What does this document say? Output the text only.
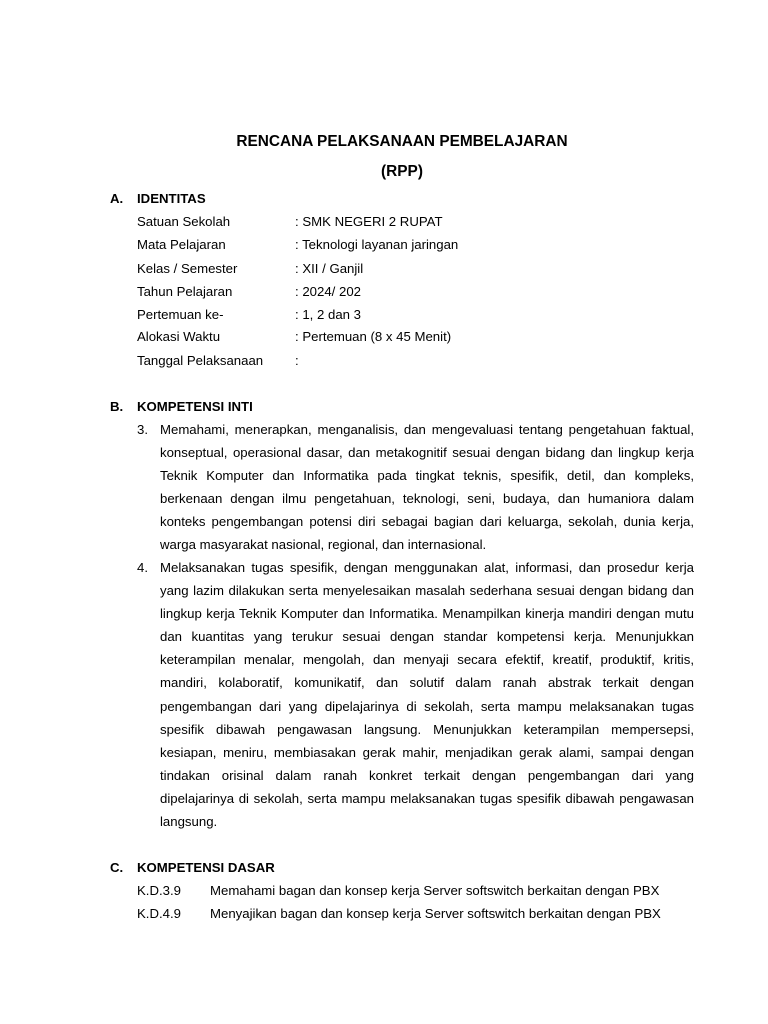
RENCANA PELAKSANAAN PEMBELAJARAN
(RPP)
A. IDENTITAS
Satuan Sekolah	: SMK NEGERI 2 RUPAT
Mata Pelajaran	: Teknologi layanan jaringan
Kelas / Semester	: XII / Ganjil
Tahun Pelajaran	: 2024/ 202
Pertemuan ke-	: 1, 2 dan 3
Alokasi Waktu	: Pertemuan (8 x 45 Menit)
Tanggal Pelaksanaan :
B. KOMPETENSI INTI
3. Memahami, menerapkan, menganalisis, dan mengevaluasi tentang pengetahuan faktual, konseptual, operasional dasar, dan metakognitif sesuai dengan bidang dan lingkup kerja Teknik Komputer dan Informatika pada tingkat teknis, spesifik, detil, dan kompleks, berkenaan dengan ilmu pengetahuan, teknologi, seni, budaya, dan humaniora dalam konteks pengembangan potensi diri sebagai bagian dari keluarga, sekolah, dunia kerja, warga masyarakat nasional, regional, dan internasional.
4. Melaksanakan tugas spesifik, dengan menggunakan alat, informasi, dan prosedur kerja yang lazim dilakukan serta menyelesaikan masalah sederhana sesuai dengan bidang dan lingkup kerja Teknik Komputer dan Informatika. Menampilkan kinerja mandiri dengan mutu dan kuantitas yang terukur sesuai dengan standar kompetensi kerja. Menunjukkan keterampilan menalar, mengolah, dan menyaji secara efektif, kreatif, produktif, kritis, mandiri, kolaboratif, komunikatif, dan solutif dalam ranah abstrak terkait dengan pengembangan dari yang dipelajarinya di sekolah, serta mampu melaksanakan tugas spesifik dibawah pengawasan langsung. Menunjukkan keterampilan mempersepsi, kesiapan, meniru, membiasakan gerak mahir, menjadikan gerak alami, sampai dengan tindakan orisinal dalam ranah konkret terkait dengan pengembangan dari yang dipelajarinya di sekolah, serta mampu melaksanakan tugas spesifik dibawah pengawasan langsung.
C. KOMPETENSI DASAR
K.D.3.9 Memahami bagan dan konsep kerja Server softswitch berkaitan dengan PBX
K.D.4.9 Menyajikan bagan dan konsep kerja Server softswitch berkaitan dengan PBX
